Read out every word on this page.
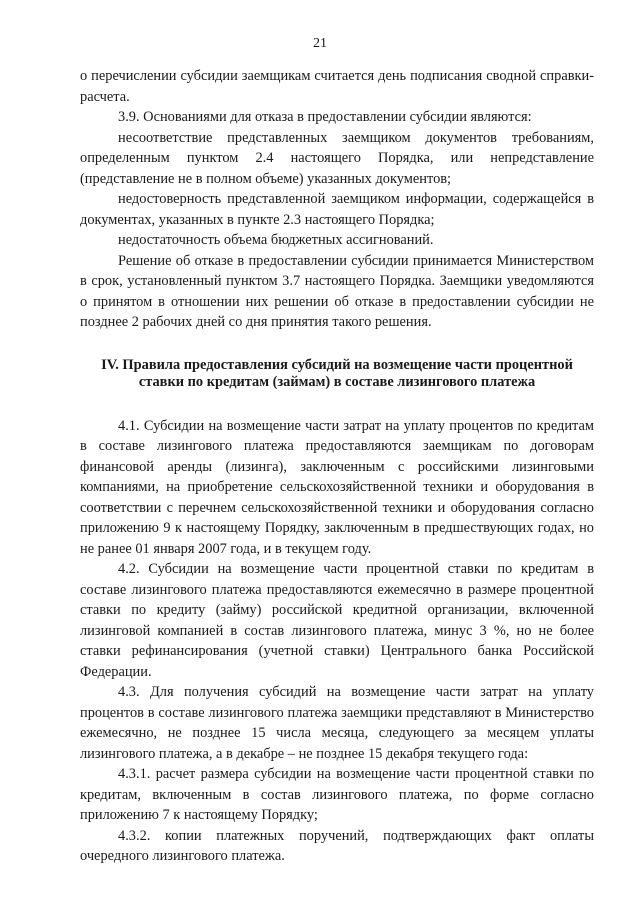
21

о перечислении субсидии заемщикам считается день подписания сводной справки-расчета.

3.9. Основаниями для отказа в предоставлении субсидии являются:

несоответствие представленных заемщиком документов требованиям, определенным пунктом 2.4 настоящего Порядка, или непредставление (представление не в полном объеме) указанных документов;

недостоверность представленной заемщиком информации, содержащейся в документах, указанных в пункте 2.3 настоящего Порядка;

недостаточность объема бюджетных ассигнований.

Решение об отказе в предоставлении субсидии принимается Министерством в срок, установленный пунктом 3.7 настоящего Порядка. Заемщики уведомляются о принятом в отношении них решении об отказе в предоставлении субсидии не позднее 2 рабочих дней со дня принятия такого решения.

IV. Правила предоставления субсидий на возмещение части процентной ставки по кредитам (займам) в составе лизингового платежа

4.1. Субсидии на возмещение части затрат на уплату процентов по кредитам в составе лизингового платежа предоставляются заемщикам по договорам финансовой аренды (лизинга), заключенным с российскими лизинговыми компаниями, на приобретение сельскохозяйственной техники и оборудования в соответствии с перечнем сельскохозяйственной техники и оборудования согласно приложению 9 к настоящему Порядку, заключенным в предшествующих годах, но не ранее 01 января 2007 года, и в текущем году.

4.2. Субсидии на возмещение части процентной ставки по кредитам в составе лизингового платежа предоставляются ежемесячно в размере процентной ставки по кредиту (займу) российской кредитной организации, включенной лизинговой компанией в состав лизингового платежа, минус 3 %, но не более ставки рефинансирования (учетной ставки) Центрального банка Российской Федерации.

4.3. Для получения субсидий на возмещение части затрат на уплату процентов в составе лизингового платежа заемщики представляют в Министерство ежемесячно, не позднее 15 числа месяца, следующего за месяцем уплаты лизингового платежа, а в декабре – не позднее 15 декабря текущего года:

4.3.1. расчет размера субсидии на возмещение части процентной ставки по кредитам, включенным в состав лизингового платежа, по форме согласно приложению 7 к настоящему Порядку;

4.3.2. копии платежных поручений, подтверждающих факт оплаты очередного лизингового платежа.
